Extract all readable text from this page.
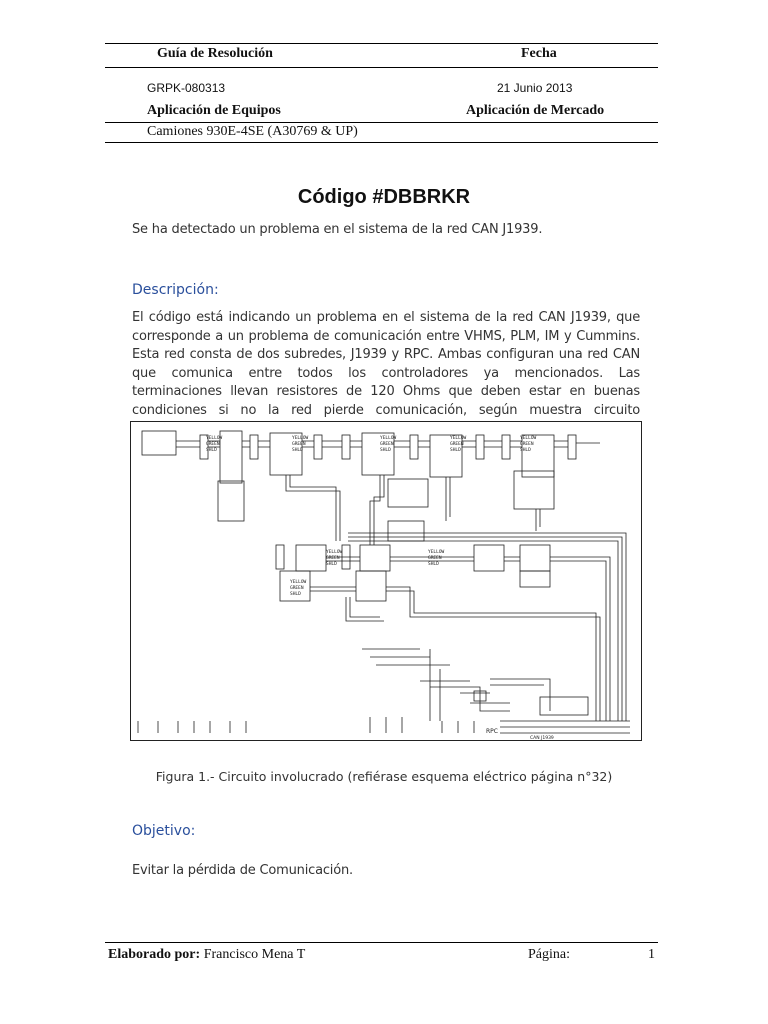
Guía de Resolución	Fecha
GRPK-080313	21 Junio 2013
Aplicación de Equipos	Aplicación de Mercado
Camiones 930E-4SE (A30769 & UP)
Código #DBBRKR
Se ha detectado un problema en el sistema de la red CAN J1939.
Descripción:
El código está indicando un problema en el sistema de la red CAN J1939, que corresponde a un problema de comunicación entre VHMS, PLM, IM y Cummins. Esta red consta de dos subredes, J1939 y RPC. Ambas configuran una red CAN que comunica entre todos los controladores ya mencionados. Las terminaciones llevan resistores de 120 Ohms que deben estar en buenas condiciones si no la red pierde comunicación, según muestra circuito
YELLOW
GREEN
SHLD
YELLOW
GREEN
SHLD
YELLOW
GREEN
SHLD
YELLOW
GREEN
SHLD
YELLOW
GREEN
SHLD
YELLOW
GREEN
SHLD
YELLOW
GREEN
SHLD
YELLOW
GREEN
SHLD
RPC
CAN J1939
Figura 1.- Circuito involucrado (refiérase esquema eléctrico página n°32)
Objetivo:
Evitar la pérdida de Comunicación.
Elaborado por: Francisco Mena T	Página:	1
